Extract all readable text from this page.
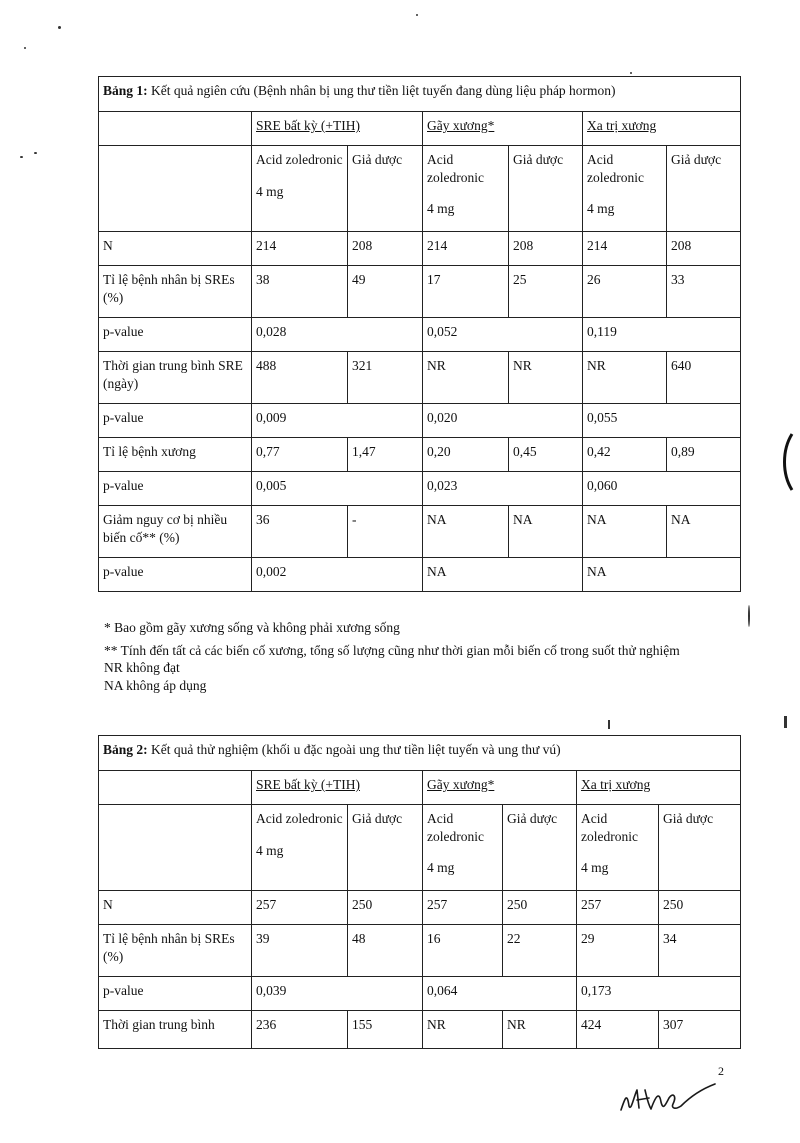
Bảng 1: Kết quả ngiên cứu (Bệnh nhân bị ung thư tiền liệt tuyến đang dùng liệu pháp hormon)						
	SRE bất kỳ (+TIH)		Gãy xương*		Xa trị xương	
	Acid zoledronic
4 mg	Giả dược	Acid zoledronic
4 mg	Giả dược	Acid zoledronic
4 mg	Giả dược
N	214	208	214	208	214	208
Tỉ lệ bệnh nhân bị SREs (%)	38	49	17	25	26	33
p-value	0,028		0,052		0,119	
Thời gian trung bình SRE (ngày)	488	321	NR	NR	NR	640
p-value	0,009		0,020		0,055	
Tỉ lệ bệnh xương	0,77	1,47	0,20	0,45	0,42	0,89
p-value	0,005		0,023		0,060	
Giảm nguy cơ bị nhiều biến cố** (%)	36	-	NA	NA	NA	NA
p-value	0,002		NA		NA	

* Bao gồm gãy xương sống và không phải xương sống

** Tính đến tất cả các biến cố xương, tổng số lượng cũng như thời gian mỗi biến cố trong suốt thử nghiệm

NR không đạt

NA không áp dụng

Bảng 2: Kết quả thử nghiệm (khối u đặc ngoài ung thư tiền liệt tuyến và ung thư vú)						
	SRE bất kỳ (+TIH)		Gãy xương*		Xa trị xương	
	Acid zoledronic
4 mg	Giả dược	Acid zoledronic
4 mg	Giả dược	Acid zoledronic
4 mg	Giả dược
N	257	250	257	250	257	250
Tỉ lệ bệnh nhân bị SREs (%)	39	48	16	22	29	34
p-value	0,039		0,064		0,173	
Thời gian trung bình	236	155	NR	NR	424	307
2
